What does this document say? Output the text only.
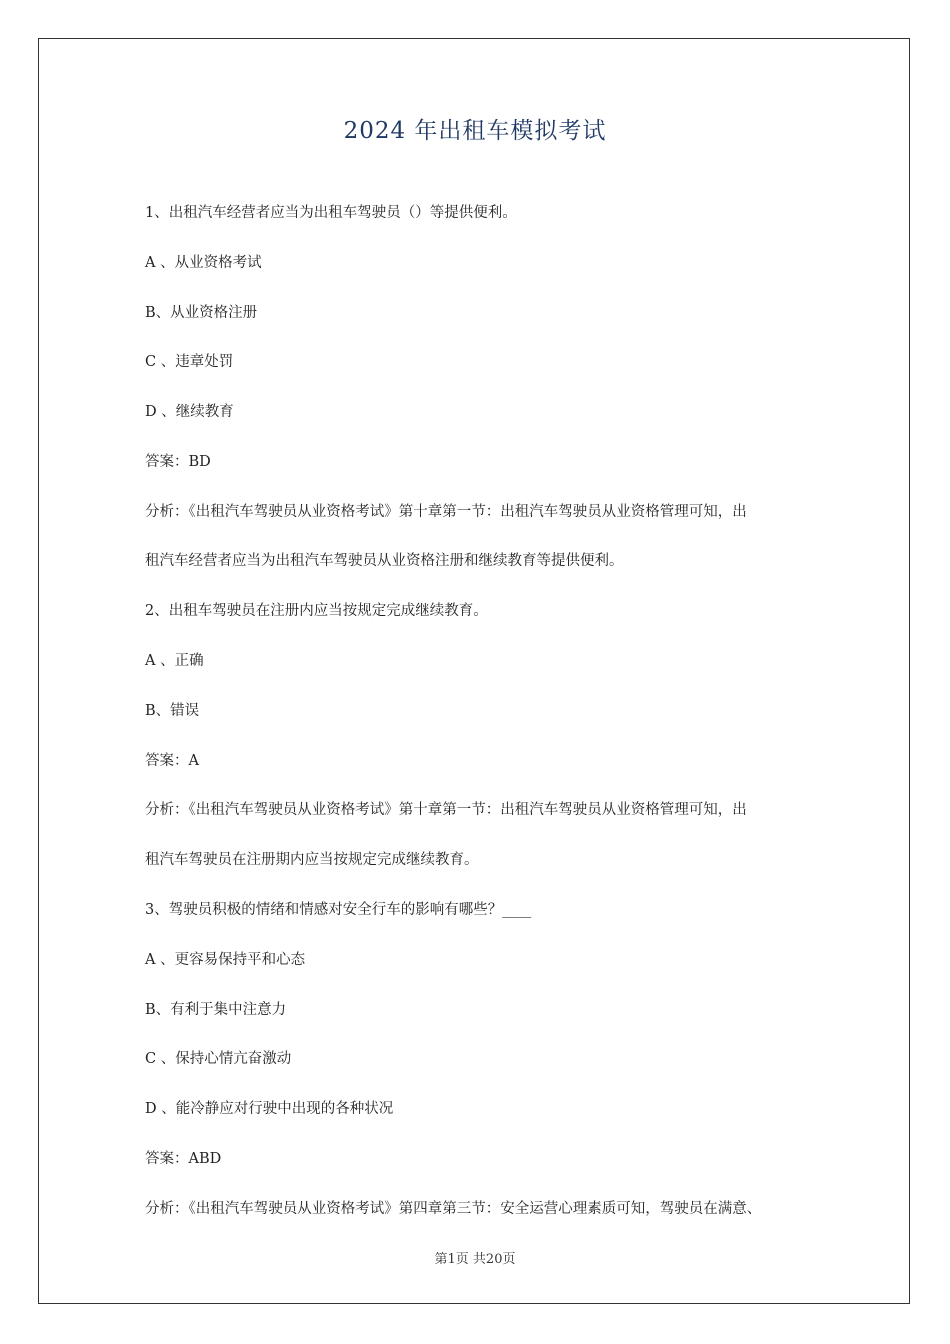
2024 年出租车模拟考试
1、出租汽车经营者应当为出租车驾驶员（）等提供便利。
A 、从业资格考试
B、从业资格注册
C 、违章处罚
D 、继续教育
答案：BD
分析：《出租汽车驾驶员从业资格考试》第十章第一节：出租汽车驾驶员从业资格管理可知，出
租汽车经营者应当为出租汽车驾驶员从业资格注册和继续教育等提供便利。
2、出租车驾驶员在注册内应当按规定完成继续教育。
A 、正确
B、错误
答案：A
分析：《出租汽车驾驶员从业资格考试》第十章第一节：出租汽车驾驶员从业资格管理可知，出
租汽车驾驶员在注册期内应当按规定完成继续教育。
3、驾驶员积极的情绪和情感对安全行车的影响有哪些？____
A 、更容易保持平和心态
B、有利于集中注意力
C 、保持心情亢奋激动
D 、能冷静应对行驶中出现的各种状况
答案：ABD
分析：《出租汽车驾驶员从业资格考试》第四章第三节：安全运营心理素质可知，驾驶员在满意、
第1页 共20页
